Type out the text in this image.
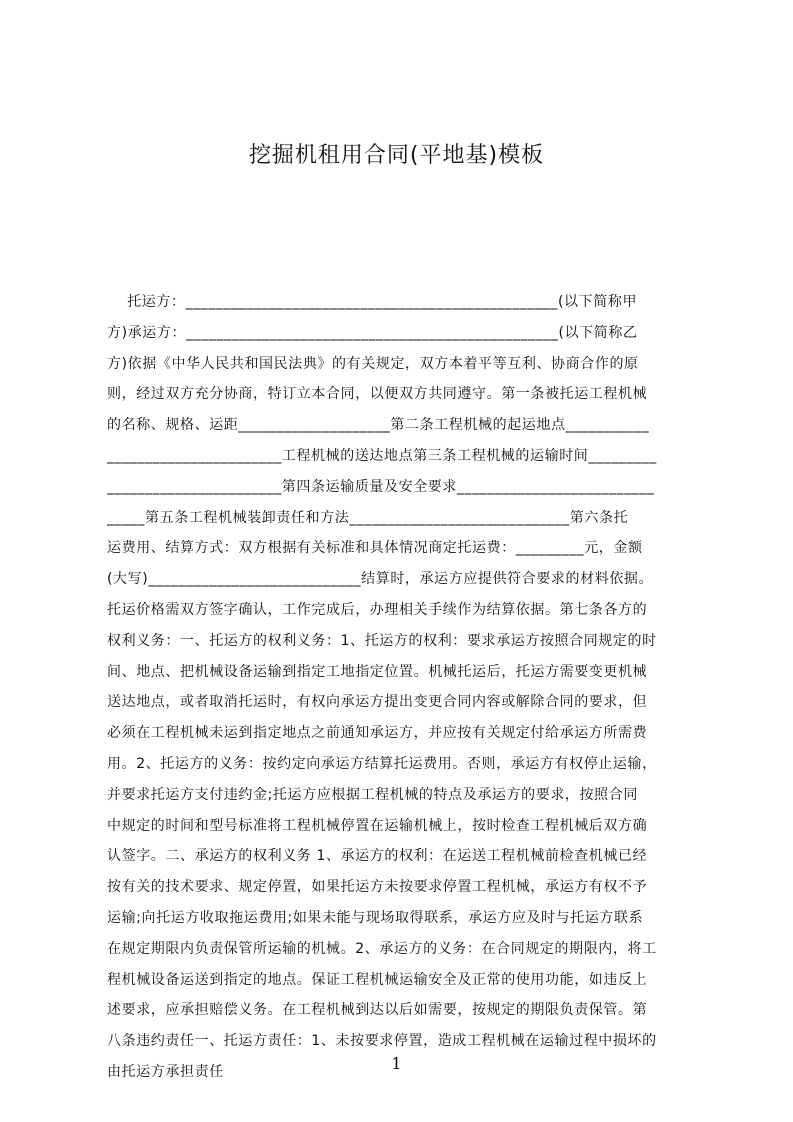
挖掘机租用合同(平地基)模板
托运方：_________________________________________________(以下简称甲
方)承运方：_________________________________________________(以下简称乙
方)依据《中华人民共和国民法典》的有关规定，双方本着平等互利、协商合作的原
则，经过双方充分协商，特订立本合同，以便双方共同遵守。第一条被托运工程机械
的名称、规格、运距____________________第二条工程机械的起运地点___________
_______________________工程机械的送达地点第三条工程机械的运输时间_________
_______________________第四条运输质量及安全要求__________________________
_____第五条工程机械装卸责任和方法_____________________________第六条托
运费用、结算方式：双方根据有关标准和具体情况商定托运费：_________元，金额
(大写)____________________________结算时，承运方应提供符合要求的材料依据。
托运价格需双方签字确认，工作完成后，办理相关手续作为结算依据。第七条各方的
权利义务：一、托运方的权利义务：1、托运方的权利：要求承运方按照合同规定的时
间、地点、把机械设备运输到指定工地指定位置。机械托运后，托运方需要变更机械
送达地点，或者取消托运时，有权向承运方提出变更合同内容或解除合同的要求，但
必须在工程机械未运到指定地点之前通知承运方，并应按有关规定付给承运方所需费
用。2、托运方的义务：按约定向承运方结算托运费用。否则，承运方有权停止运输，
并要求托运方支付违约金;托运方应根据工程机械的特点及承运方的要求，按照合同
中规定的时间和型号标准将工程机械停置在运输机械上，按时检查工程机械后双方确
认签字。二、承运方的权利义务 1、承运方的权利：在运送工程机械前检查机械已经
按有关的技术要求、规定停置，如果托运方未按要求停置工程机械，承运方有权不予
运输;向托运方收取拖运费用;如果未能与现场取得联系，承运方应及时与托运方联系
在规定期限内负责保管所运输的机械。2、承运方的义务：在合同规定的期限内，将工
程机械设备运送到指定的地点。保证工程机械运输安全及正常的使用功能，如违反上
述要求，应承担赔偿义务。在工程机械到达以后如需要，按规定的期限负责保管。第
八条违约责任一、托运方责任：1、未按要求停置，造成工程机械在运输过程中损坏的
由托运方承担责任	1
